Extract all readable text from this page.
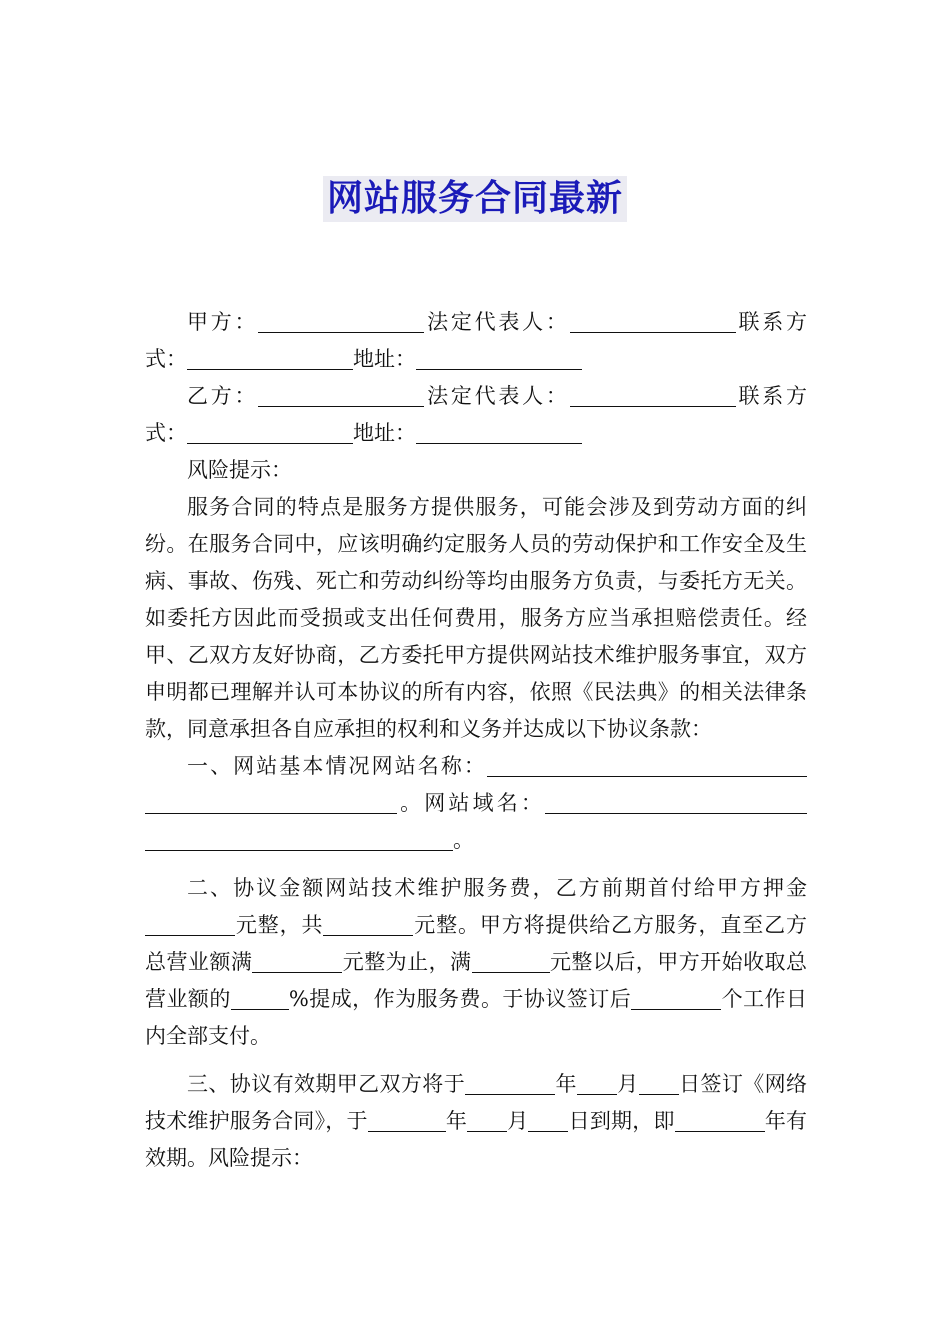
网站服务合同最新

甲方：	法定代表人：	联系方式：	地址：

乙方：	法定代表人：	联系方式：	地址：

风险提示：

服务合同的特点是服务方提供服务，可能会涉及到劳动方面的纠纷。在服务合同中，应该明确约定服务人员的劳动保护和工作安全及生病、事故、伤残、死亡和劳动纠纷等均由服务方负责，与委托方无关。如委托方因此而受损或支出任何费用，服务方应当承担赔偿责任。经甲、乙双方友好协商，乙方委托甲方提供网站技术维护服务事宜，双方申明都已理解并认可本协议的所有内容，依照《民法典》的相关法律条款，同意承担各自应承担的权利和义务并达成以下协议条款：

一、网站基本情况网站名称：。网站域名：。

二、协议金额网站技术维护服务费，乙方前期首付给甲方押金元整，共	元整。甲方将提供给乙方服务，直至乙方总营业额满	元整为止，满	元整以后，甲方开始收取总营业额的	%提成，作为服务费。于协议签订后	个工作日内全部支付。

三、协议有效期甲乙双方将于	年 月 日签订《网络技术维护服务合同》，于	年 月 日到期，即	年有效期。风险提示：
